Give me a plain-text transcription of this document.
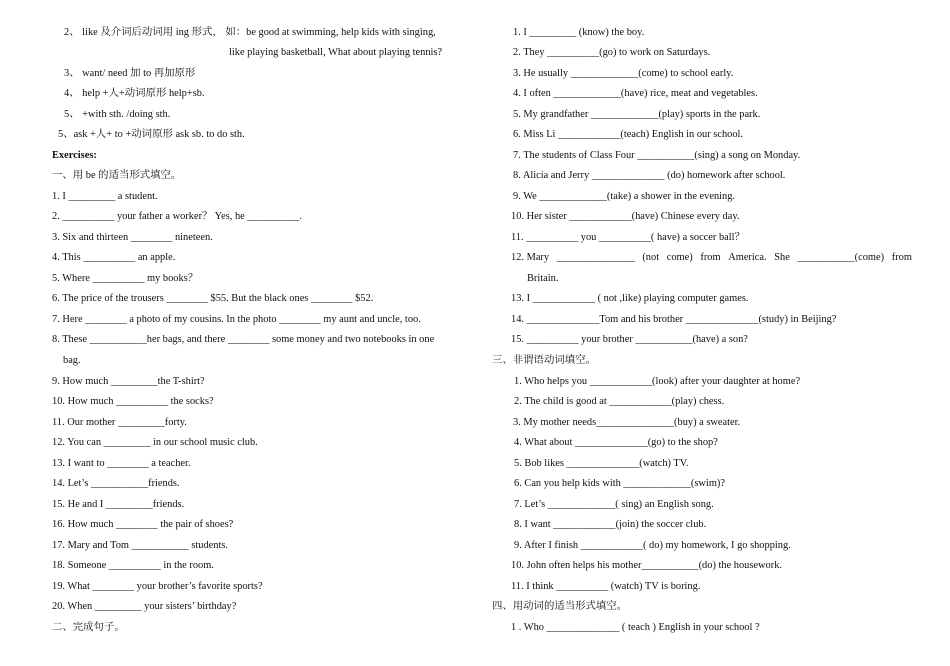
2、 like 及介词后动词用 ing 形式， 如：be good at swimming, help kids with singing,
like playing basketball, What about playing tennis?
3、 want/ need 加 to 再加原形
4、 help +人+动词原形 help+sb.
5、 +with sth. /doing sth.
5、ask +人+ to +动词原形 ask sb. to do sth.
Exercises:
一、用 be 的适当形式填空。
1. I _________ a student.
2. __________ your father a worker？ Yes, he __________.
3. Six and thirteen ________ nineteen.
4. This __________ an apple.
5. Where __________ my books？
6. The price of the trousers ________ $55. But the black ones ________ $52.
7. Here ________ a photo of my cousins. In the photo ________ my aunt and uncle, too.
8. These ___________her bags, and there ________ some money and two notebooks in one
bag.
9. How much _________the T-shirt?
10. How much __________ the socks?
11. Our mother _________forty.
12. You can _________ in our school music club.
13. I want to ________ a teacher.
14. Let’s ___________friends.
15. He and I _________friends.
16. How much ________ the pair of shoes?
17. Mary and Tom ___________ students.
18. Someone __________ in the room.
19. What ________ your brother’s favorite sports?
20. When _________ your sisters’ birthday?
二、完成句子。
1. I _________ (know) the boy.
2. They __________(go) to work on Saturdays.
3. He usually _____________(come) to school early.
4. I often _____________(have) rice, meat and vegetables.
5. My grandfather _____________(play) sports in the park.
6. Miss Li ____________(teach) English in our school.
7. The students of Class Four ___________(sing) a song on Monday.
8. Alicia and Jerry ______________ (do) homework after school.
9. We _____________(take) a shower in the evening.
10. Her sister ____________(have) Chinese every day.
11. __________ you __________( have) a soccer ball？
12. Mary _______________ (not come) from America. She ___________(come) from
Britain.
13. I ____________ ( not ,like) playing computer games.
14. ______________Tom and his brother ______________(study) in Beijing?
15. __________ your brother ___________(have) a son?
三、非谓语动词填空。
1. Who helps you ____________(look) after your daughter at home?
2. The child is good at ____________(play) chess.
3. My mother needs_______________(buy) a sweater.
4. What about ______________(go) to the shop?
5. Bob likes ______________(watch) TV.
6. Can you help kids with _____________(swim)?
7. Let’s _____________( sing) an English song.
8. I want ____________(join) the soccer club.
9. After I finish ____________( do) my homework, I go shopping.
10. John often helps his mother___________(do) the housework.
11. I think __________ (watch) TV is boring.
四、用动词的适当形式填空。
1 . Who ______________ ( teach ) English in your school ?
